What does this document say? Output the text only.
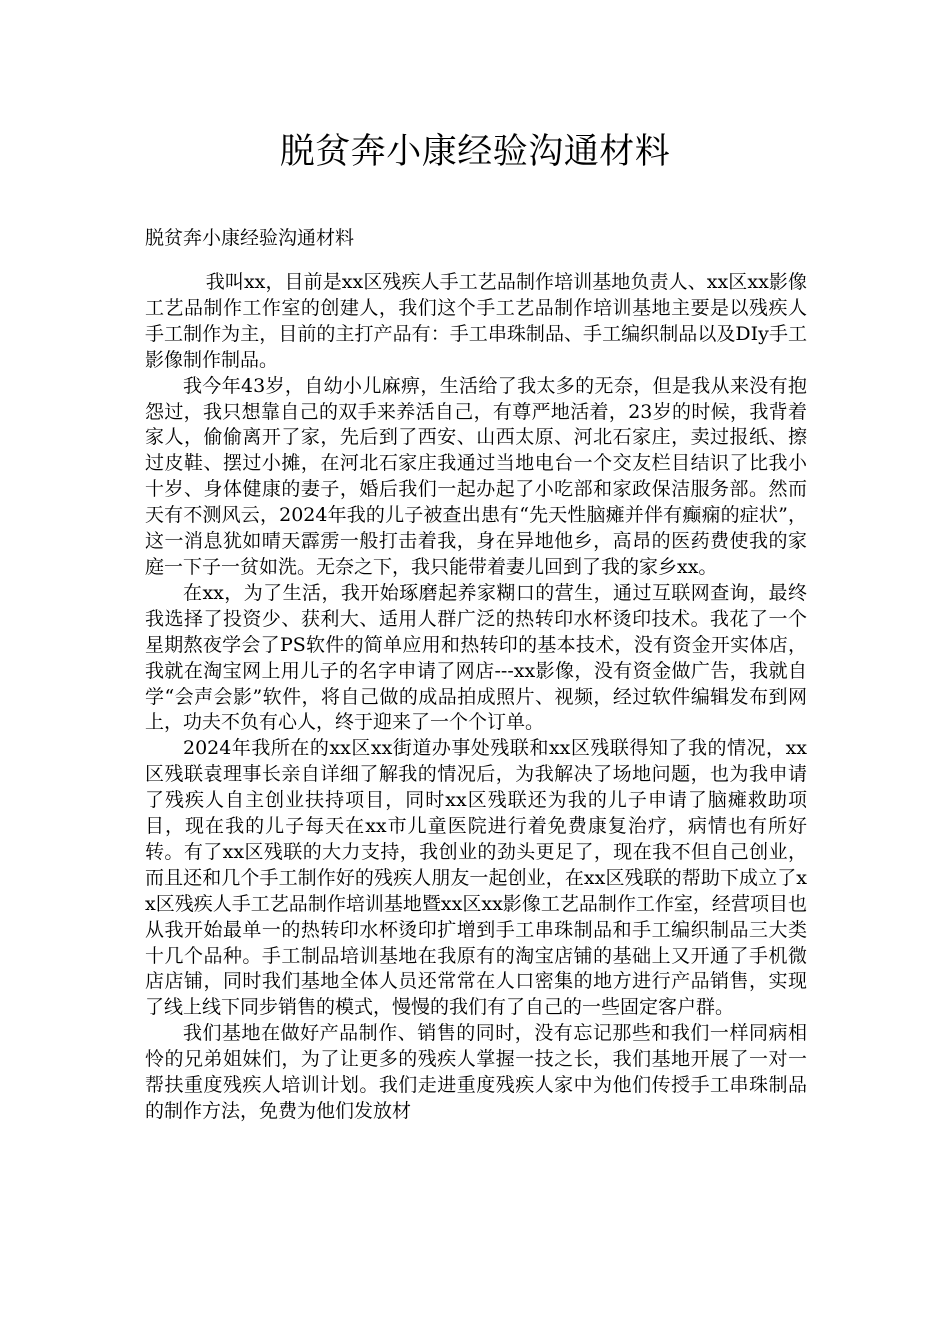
脱贫奔小康经验沟通材料

脱贫奔小康经验沟通材料

我叫xx，目前是xx区残疾人手工艺品制作培训基地负责人、xx区xx影像工艺品制作工作室的创建人，我们这个手工艺品制作培训基地主要是以残疾人手工制作为主，目前的主打产品有：手工串珠制品、手工编织制品以及DIy手工影像制作制品。

我今年43岁，自幼小儿麻痹，生活给了我太多的无奈，但是我从来没有抱怨过，我只想靠自己的双手来养活自己，有尊严地活着，23岁的时候，我背着家人，偷偷离开了家，先后到了西安、山西太原、河北石家庄，卖过报纸、擦过皮鞋、摆过小摊，在河北石家庄我通过当地电台一个交友栏目结识了比我小十岁、身体健康的妻子，婚后我们一起办起了小吃部和家政保洁服务部。然而天有不测风云，2024年我的儿子被查出患有“先天性脑瘫并伴有癫痫的症状”，这一消息犹如晴天霹雳一般打击着我，身在异地他乡，高昂的医药费使我的家庭一下子一贫如洗。无奈之下，我只能带着妻儿回到了我的家乡xx。

在xx，为了生活，我开始琢磨起养家糊口的营生，通过互联网查询，最终我选择了投资少、获利大、适用人群广泛的热转印水杯烫印技术。我花了一个星期熬夜学会了PS软件的简单应用和热转印的基本技术，没有资金开实体店，我就在淘宝网上用儿子的名字申请了网店---xx影像，没有资金做广告，我就自学“会声会影”软件，将自己做的成品拍成照片、视频，经过软件编辑发布到网上，功夫不负有心人，终于迎来了一个个订单。

2024年我所在的xx区xx街道办事处残联和xx区残联得知了我的情况，xx区残联袁理事长亲自详细了解我的情况后，为我解决了场地问题，也为我申请了残疾人自主创业扶持项目，同时xx区残联还为我的儿子申请了脑瘫救助项目，现在我的儿子每天在xx市儿童医院进行着免费康复治疗，病情也有所好转。有了xx区残联的大力支持，我创业的劲头更足了，现在我不但自己创业，而且还和几个手工制作好的残疾人朋友一起创业，在xx区残联的帮助下成立了xx区残疾人手工艺品制作培训基地暨xx区xx影像工艺品制作工作室，经营项目也从我开始最单一的热转印水杯烫印扩增到手工串珠制品和手工编织制品三大类十几个品种。手工制品培训基地在我原有的淘宝店铺的基础上又开通了手机微店店铺，同时我们基地全体人员还常常在人口密集的地方进行产品销售，实现了线上线下同步销售的模式，慢慢的我们有了自己的一些固定客户群。

我们基地在做好产品制作、销售的同时，没有忘记那些和我们一样同病相怜的兄弟姐妹们，为了让更多的残疾人掌握一技之长，我们基地开展了一对一帮扶重度残疾人培训计划。我们走进重度残疾人家中为他们传授手工串珠制品的制作方法，免费为他们发放材
